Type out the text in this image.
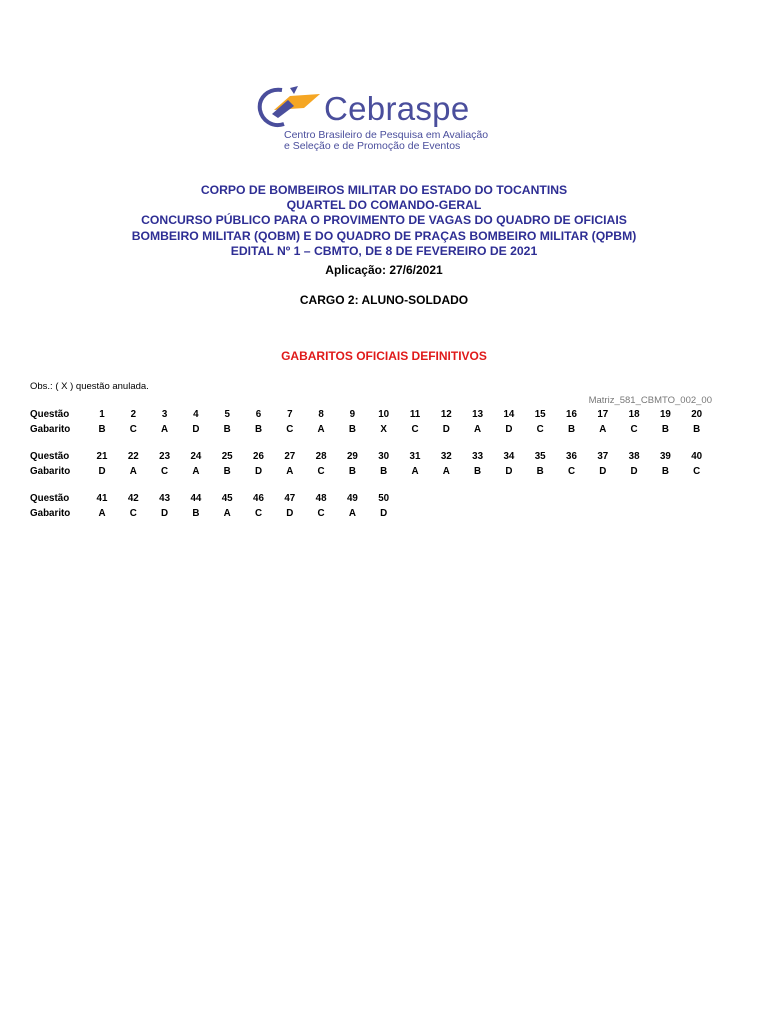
Cebraspe
Centro Brasileiro de Pesquisa em Avaliação
e Seleção e de Promoção de Eventos
CORPO DE BOMBEIROS MILITAR DO ESTADO DO TOCANTINS
QUARTEL DO COMANDO-GERAL
CONCURSO PÚBLICO PARA O PROVIMENTO DE VAGAS DO QUADRO DE OFICIAIS
BOMBEIRO MILITAR (QOBM) E DO QUADRO DE PRAÇAS BOMBEIRO MILITAR (QPBM)
EDITAL Nº 1 – CBMTO, DE 8 DE FEVEREIRO DE 2021
Aplicação: 27/6/2021
CARGO 2: ALUNO-SOLDADO
GABARITOS OFICIAIS DEFINITIVOS
Obs.: ( X ) questão anulada.
Matriz_581_CBMTO_002_00
Questão	1	2	3	4	5	6	7	8	9	10	11	12	13	14	15	16	17	18	19	20
Gabarito	B	C	A	D	B	B	C	A	B	X	C	D	A	D	C	B	A	C	B	B
Questão	21	22	23	24	25	26	27	28	29	30	31	32	33	34	35	36	37	38	39	40
Gabarito	D	A	C	A	B	D	A	C	B	B	A	A	B	D	B	C	D	D	B	C
Questão	41	42	43	44	45	46	47	48	49	50
Gabarito	A	C	D	B	A	C	D	C	A	D
